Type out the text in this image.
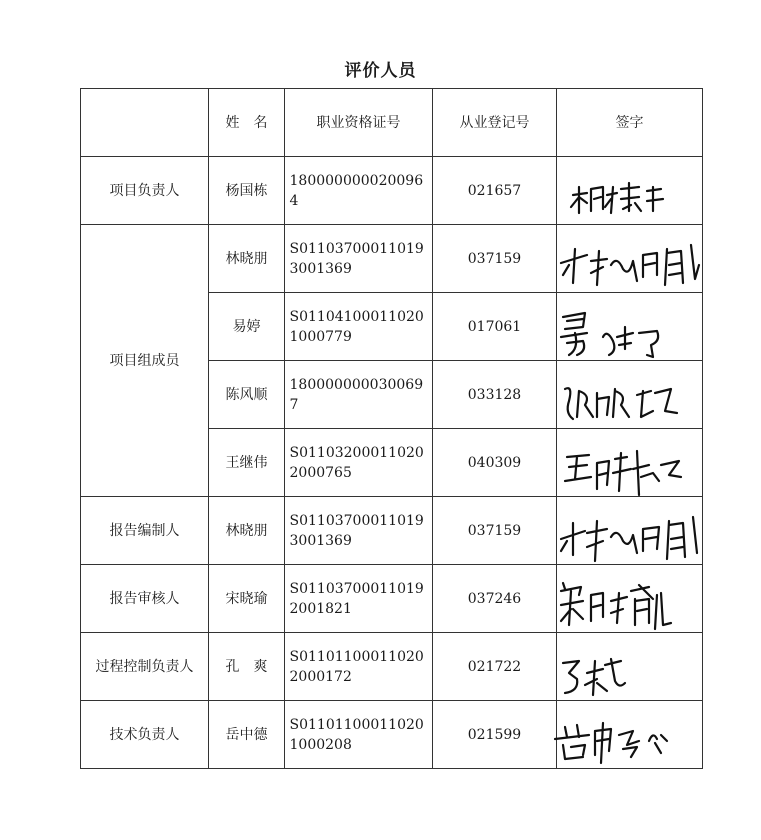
评价人员
	姓　名	职业资格证号	从业登记号	签字
项目负责人	杨国栋	1800000000200964	021657	

项目组成员	林晓朋	S011037000110193001369	037159	

	易婷	S011041000110201000779	017061	

	陈风顺	1800000000300697	033128	

	王继伟	S011032000110202000765	040309	

报告编制人	林晓朋	S011037000110193001369	037159	

报告审核人	宋晓瑜	S011037000110192001821	037246	

过程控制负责人	孔　爽	S011011000110202000172	021722	

技术负责人	岳中德	S011011000110201000208	021599	
